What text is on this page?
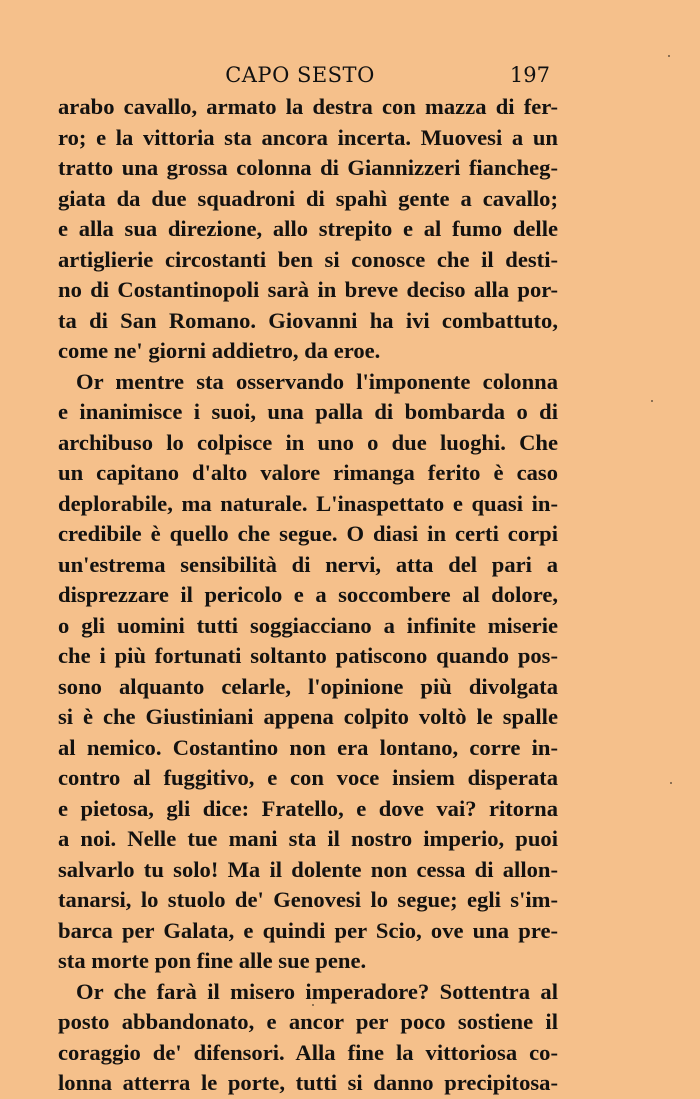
CAPO SESTO	197
arabo cavallo, armato la destra con mazza di fer-
ro; e la vittoria sta ancora incerta. Muovesi a un
tratto una grossa colonna di Giannizzeri fiancheg-
giata da due squadroni di spahì gente a cavallo;
e alla sua direzione, allo strepito e al fumo delle
artiglierie circostanti ben si conosce che il desti-
no di Costantinopoli sarà in breve deciso alla por-
ta di San Romano. Giovanni ha ivi combattuto,
come ne' giorni addietro, da eroe.
Or mentre sta osservando l'imponente colonna
e inanimisce i suoi, una palla di bombarda o di
archibuso lo colpisce in uno o due luoghi. Che
un capitano d'alto valore rimanga ferito è caso
deplorabile, ma naturale. L'inaspettato e quasi in-
credibile è quello che segue. O diasi in certi corpi
un'estrema sensibilità di nervi, atta del pari a
disprezzare il pericolo e a soccombere al dolore,
o gli uomini tutti soggiacciano a infinite miserie
che i più fortunati soltanto patiscono quando pos-
sono alquanto celarle, l'opinione più divolgata
si è che Giustiniani appena colpito voltò le spalle
al nemico. Costantino non era lontano, corre in-
contro al fuggitivo, e con voce insiem disperata
e pietosa, gli dice: Fratello, e dove vai? ritorna
a noi. Nelle tue mani sta il nostro imperio, puoi
salvarlo tu solo! Ma il dolente non cessa di allon-
tanarsi, lo stuolo de' Genovesi lo segue; egli s'im-
barca per Galata, e quindi per Scio, ove una pre-
sta morte pon fine alle sue pene.
Or che farà il misero imperadore? Sottentra al
posto abbandonato, e ancor per poco sostiene il
coraggio de' difensori. Alla fine la vittoriosa co-
lonna atterra le porte, tutti si danno precipitosa-
